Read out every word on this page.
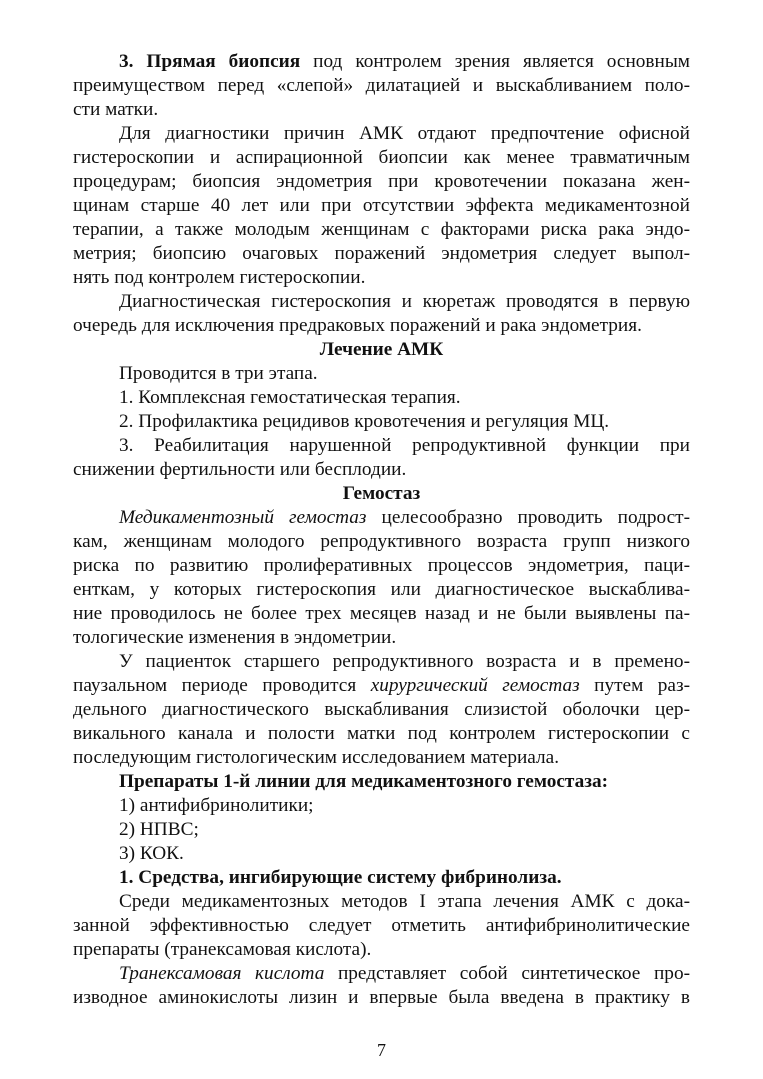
3. Прямая биопсия под контролем зрения является основным
преимуществом перед «слепой» дилатацией и выскабливанием поло-
сти матки.
Для диагностики причин АМК отдают предпочтение офисной
гистероскопии и аспирационной биопсии как менее травматичным
процедурам; биопсия эндометрия при кровотечении показана жен-
щинам старше 40 лет или при отсутствии эффекта медикаментозной
терапии, а также молодым женщинам с факторами риска рака эндо-
метрия; биопсию очаговых поражений эндометрия следует выпол-
нять под контролем гистероскопии.
Диагностическая гистероскопия и кюретаж проводятся в первую
очередь для исключения предраковых поражений и рака эндометрия.
Лечение АМК
Проводится в три этапа.
1. Комплексная гемостатическая терапия.
2. Профилактика рецидивов кровотечения и регуляция МЦ.
3. Реабилитация нарушенной репродуктивной функции при
снижении фертильности или бесплодии.
Гемостаз
Медикаментозный гемостаз целесообразно проводить подрост-
кам, женщинам молодого репродуктивного возраста групп низкого
риска по развитию пролиферативных процессов эндометрия, паци-
енткам, у которых гистероскопия или диагностическое выскаблива-
ние проводилось не более трех месяцев назад и не были выявлены па-
тологические изменения в эндометрии.
У пациенток старшего репродуктивного возраста и в премено-
паузальном периоде проводится хирургический гемостаз путем раз-
дельного диагностического выскабливания слизистой оболочки цер-
викального канала и полости матки под контролем гистероскопии с
последующим гистологическим исследованием материала.
Препараты 1-й линии для медикаментозного гемостаза:
1) антифибринолитики;
2) НПВС;
3) КОК.
1. Средства, ингибирующие систему фибринолиза.
Среди медикаментозных методов I этапа лечения АМК с дока-
занной эффективностью следует отметить антифибринолитические
препараты (транексамовая кислота).
Транексамовая кислота представляет собой синтетическое про-
изводное аминокислоты лизин и впервые была введена в практику в
7
